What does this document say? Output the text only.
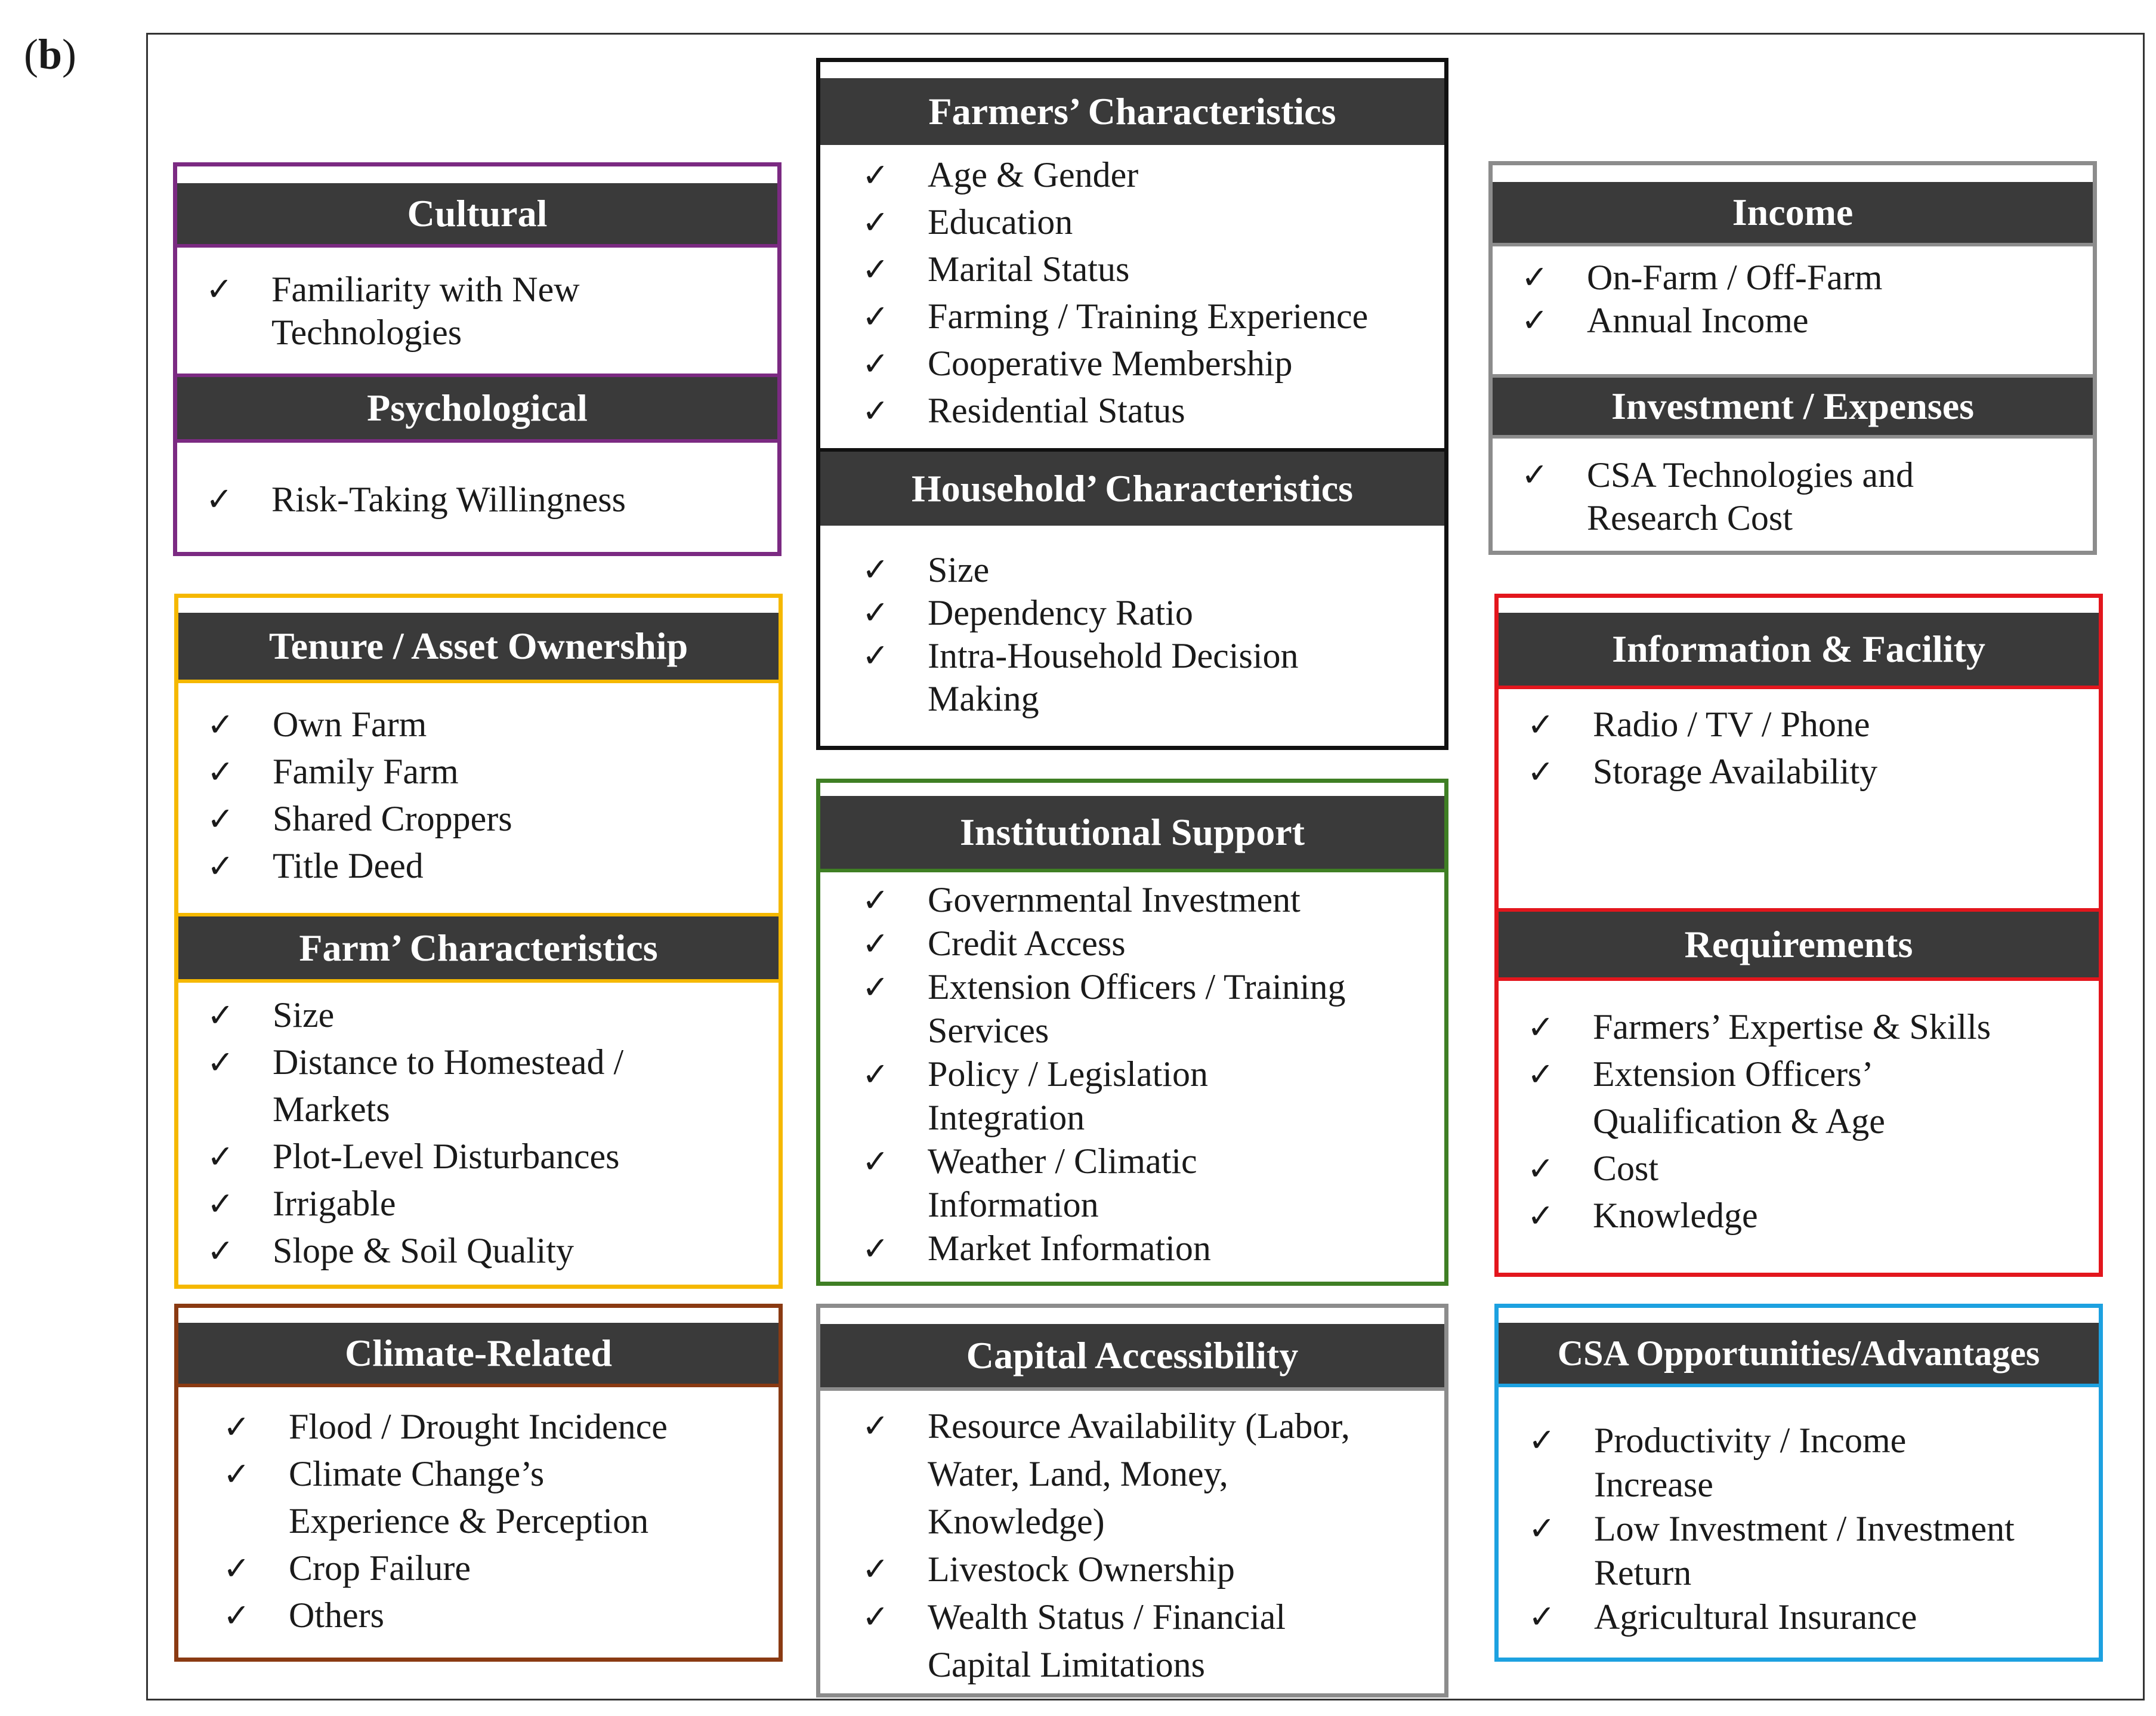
(b)
Cultural
✓ Familiarity with New
Technologies
Psychological
✓ Risk-Taking Willingness
Farmers’ Characteristics
✓ Age & Gender
✓ Education
✓ Marital Status
✓ Farming / Training Experience
✓ Cooperative Membership
✓ Residential Status
Household’ Characteristics
✓ Size
✓ Dependency Ratio
✓ Intra-Household Decision
Making
Income
✓ On-Farm / Off-Farm
✓ Annual Income
Investment / Expenses
✓ CSA Technologies and
Research Cost
Tenure / Asset Ownership
✓ Own Farm
✓ Family Farm
✓ Shared Croppers
✓ Title Deed
Farm’ Characteristics
✓ Size
✓ Distance to Homestead /
Markets
✓ Plot-Level Disturbances
✓ Irrigable
✓ Slope & Soil Quality
Institutional Support
✓ Governmental Investment
✓ Credit Access
✓ Extension Officers / Training
Services
✓ Policy / Legislation
Integration
✓ Weather / Climatic
Information
✓ Market Information
Information & Facility
✓ Radio / TV / Phone
✓ Storage Availability
Requirements
✓ Farmers’ Expertise & Skills
✓ Extension Officers’
Qualification & Age
✓ Cost
✓ Knowledge
Climate-Related
✓ Flood / Drought Incidence
✓ Climate Change’s
Experience & Perception
✓ Crop Failure
✓ Others
Capital Accessibility
✓ Resource Availability (Labor,
Water, Land, Money,
Knowledge)
✓ Livestock Ownership
✓ Wealth Status / Financial
Capital Limitations
CSA Opportunities/Advantages
✓ Productivity / Income
Increase
✓ Low Investment / Investment
Return
✓ Agricultural Insurance
